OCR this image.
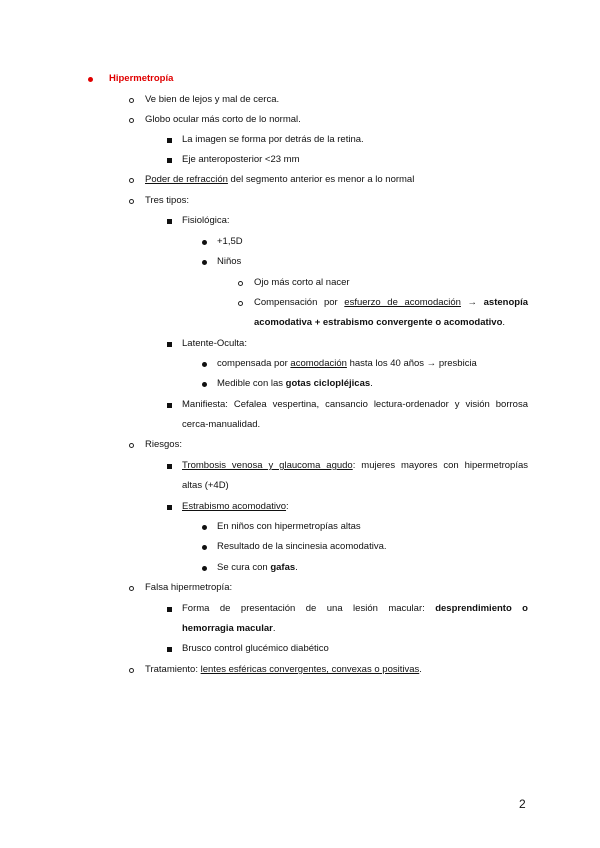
Hipermetropía
Ve bien de lejos y mal de cerca.
Globo ocular más corto de lo normal.
La imagen se forma por detrás de la retina.
Eje anteroposterior <23 mm
Poder de refracción del segmento anterior es menor a lo normal
Tres tipos:
Fisiológica:
+1,5D
Niños
Ojo más corto al nacer
Compensación por esfuerzo de acomodación → astenopía
acomodativa + estrabismo convergente o acomodativo.
Latente-Oculta:
compensada por acomodación hasta los 40 años → presbicia
Medible con las gotas ciclopléjicas.
Manifiesta: Cefalea vespertina, cansancio lectura-ordenador y visión borrosa
cerca-manualidad.
Riesgos:
Trombosis venosa y glaucoma agudo: mujeres mayores con hipermetropías
altas (+4D)
Estrabismo acomodativo:
En niños con hipermetropías altas
Resultado de la sincinesia acomodativa.
Se cura con gafas.
Falsa hipermetropía:
Forma de presentación de una lesión macular: desprendimiento o
hemorragia macular.
Brusco control glucémico diabético
Tratamiento: lentes esféricas convergentes, convexas o positivas.
2
